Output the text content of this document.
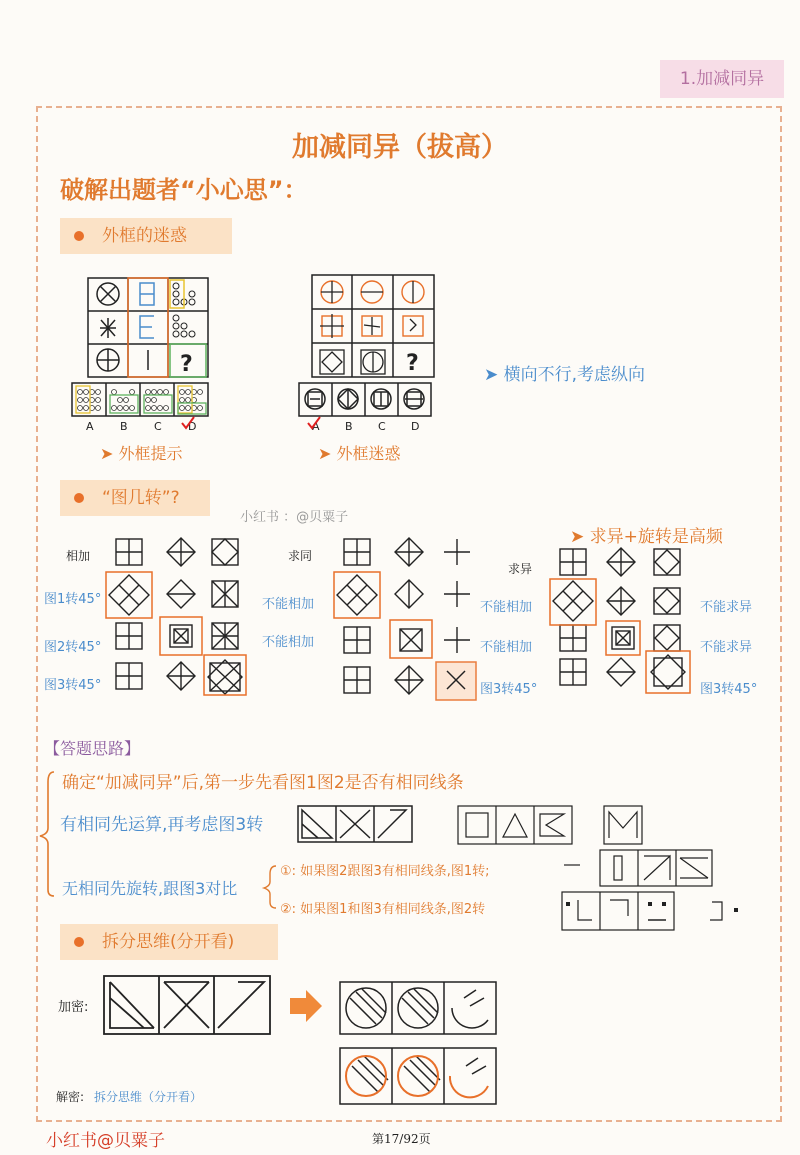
1.加减同异
加减同异（拔高）
破解出题者“小心思”：
外框的迷惑
?
A B C D
➤ 外框提示
?
A B C D
➤ 外框迷惑
➤ 横向不行,考虑纵向
“图几转”?
小红书 ：@贝粟子
➤ 求异+旋转是高频
相加	求同
求异
图1转45°
图2转45°
图3转45°
不能相加
不能相加
不能相加
不能相加
图3转45°
不能求异
不能求异
图3转45°
【答题思路】
确定“加减同异”后,第一步先看图1图2是否有相同线条
有相同先运算,再考虑图3转
无相同先旋转,跟图3对比
①: 如果图2跟图3有相同线条,图1转;
②: 如果图1和图3有相同线条,图2转
拆分思维(分开看)
加密:
解密: 拆分思维（分开看）
小红书@贝粟子	第17/92页
